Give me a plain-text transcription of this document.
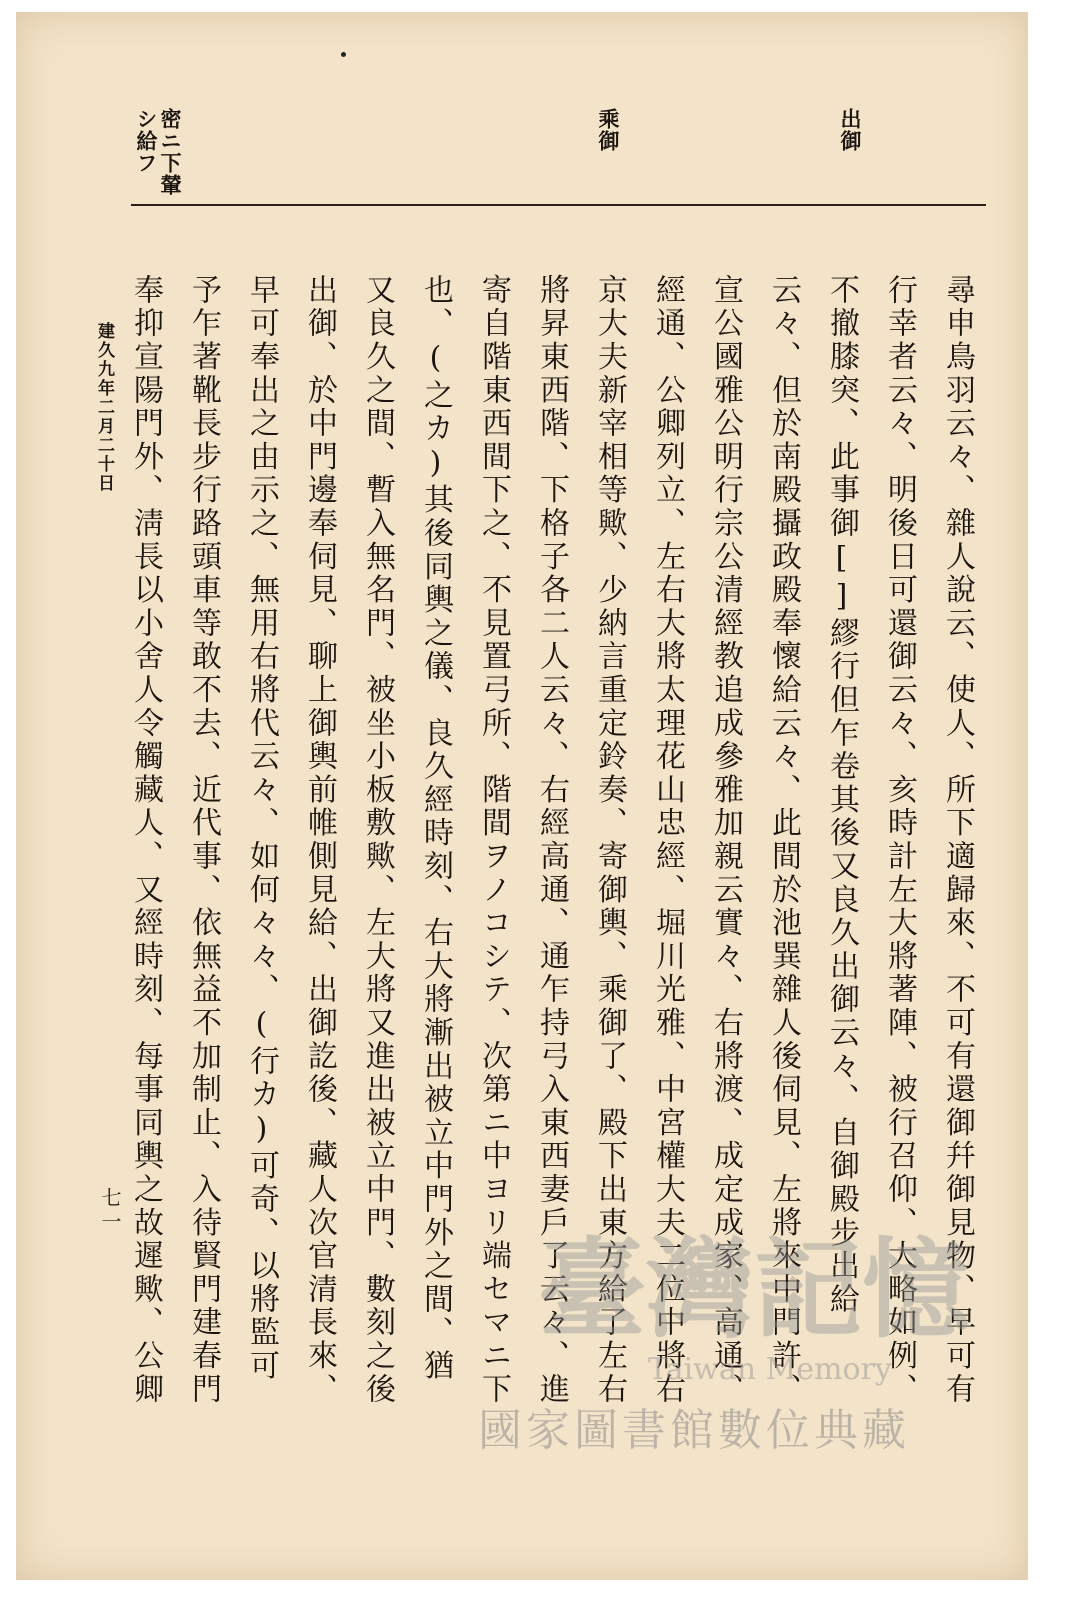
出御
乘御
密ニ下輦シ給フ
尋申鳥羽云々、雜人說云、使人、所下適歸來、不可有還御幷御見物、早可有行幸者云々、明後日可還御云々、亥時計左大將著陣、被行召仰、大略如例、不撤膝突、此事御[]繆行但乍卷其後又良久出御云々、自御殿步出給云々、但於南殿攝政殿奉懷給云々、此間於池巽雜人後伺見、左將來中門許、宣公國雅公明行宗公清經教追成參雅加親云實々、右將渡、成定成家、高通、經通、公卿列立、左右大將太理花山忠經、堀川光雅、中宮權大夫二位中將右京大夫新宰相等歟、少納言重定鈴奏、寄御輿、乘御了、殿下出東方給了左右將昇東西階、下格子各二人云々、右經高通、通乍持弓入東西妻戶了云々、進寄自階東西間下之、不見置弓所、階間ヲノコシテ、次第ニ中ヨリ端セマニ下也、(之カ)其後同輿之儀、良久經時刻、右大將漸出被立中門外之間、猶又良久之間、暫入無名門、被坐小板敷歟、左大將又進出被立中門、數刻之後出御、於中門邊奉伺見、聊上御輿前帷側見給、出御訖後、藏人次官清長來、早可奉出之由示之、無用右將代云々、如何々々、(行カ)可奇、以將監可予乍著靴長步行路頭車等敢不去、近代事、依無益不加制止、入待賢門建春門奉抑宣陽門外、淸長以小舍人令觸藏人、又經時刻、每事同輿之故遲歟、公卿
建久九年二月二十日
七一
臺灣記憶
Taiwan Memory
國家圖書館數位典藏
